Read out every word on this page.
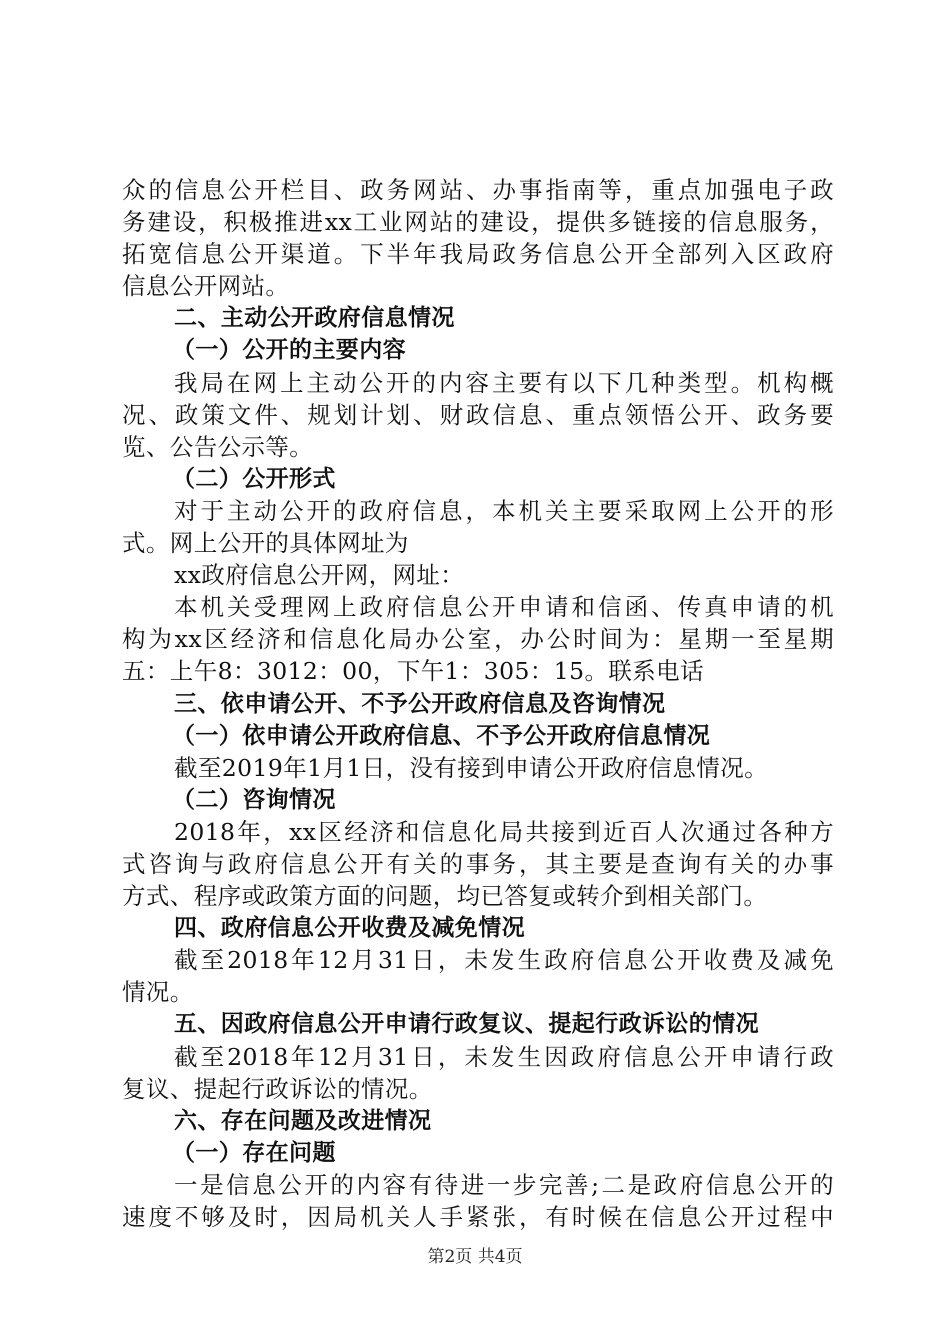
众的信息公开栏目、政务网站、办事指南等，重点加强电子政
务建设，积极推进xx工业网站的建设，提供多链接的信息服务，
拓宽信息公开渠道。下半年我局政务信息公开全部列入区政府
信息公开网站。
二、主动公开政府信息情况
（一）公开的主要内容
我局在网上主动公开的内容主要有以下几种类型。机构概
况、政策文件、规划计划、财政信息、重点领悟公开、政务要
览、公告公示等。
（二）公开形式
对于主动公开的政府信息，本机关主要采取网上公开的形
式。网上公开的具体网址为
xx政府信息公开网，网址：
本机关受理网上政府信息公开申请和信函、传真申请的机
构为xx区经济和信息化局办公室，办公时间为：星期一至星期
五：上午8：3012：00，下午1：305：15。联系电话
三、依申请公开、不予公开政府信息及咨询情况
（一）依申请公开政府信息、不予公开政府信息情况
截至2019年1月1日，没有接到申请公开政府信息情况。
（二）咨询情况
2018年，xx区经济和信息化局共接到近百人次通过各种方
式咨询与政府信息公开有关的事务，其主要是查询有关的办事
方式、程序或政策方面的问题，均已答复或转介到相关部门。
四、政府信息公开收费及减免情况
截至2018年12月31日，未发生政府信息公开收费及减免
情况。
五、因政府信息公开申请行政复议、提起行政诉讼的情况
截至2018年12月31日，未发生因政府信息公开申请行政
复议、提起行政诉讼的情况。
六、存在问题及改进情况
（一）存在问题
一是信息公开的内容有待进一步完善;二是政府信息公开的
速度不够及时，因局机关人手紧张，有时候在信息公开过程中
第2页 共4页
